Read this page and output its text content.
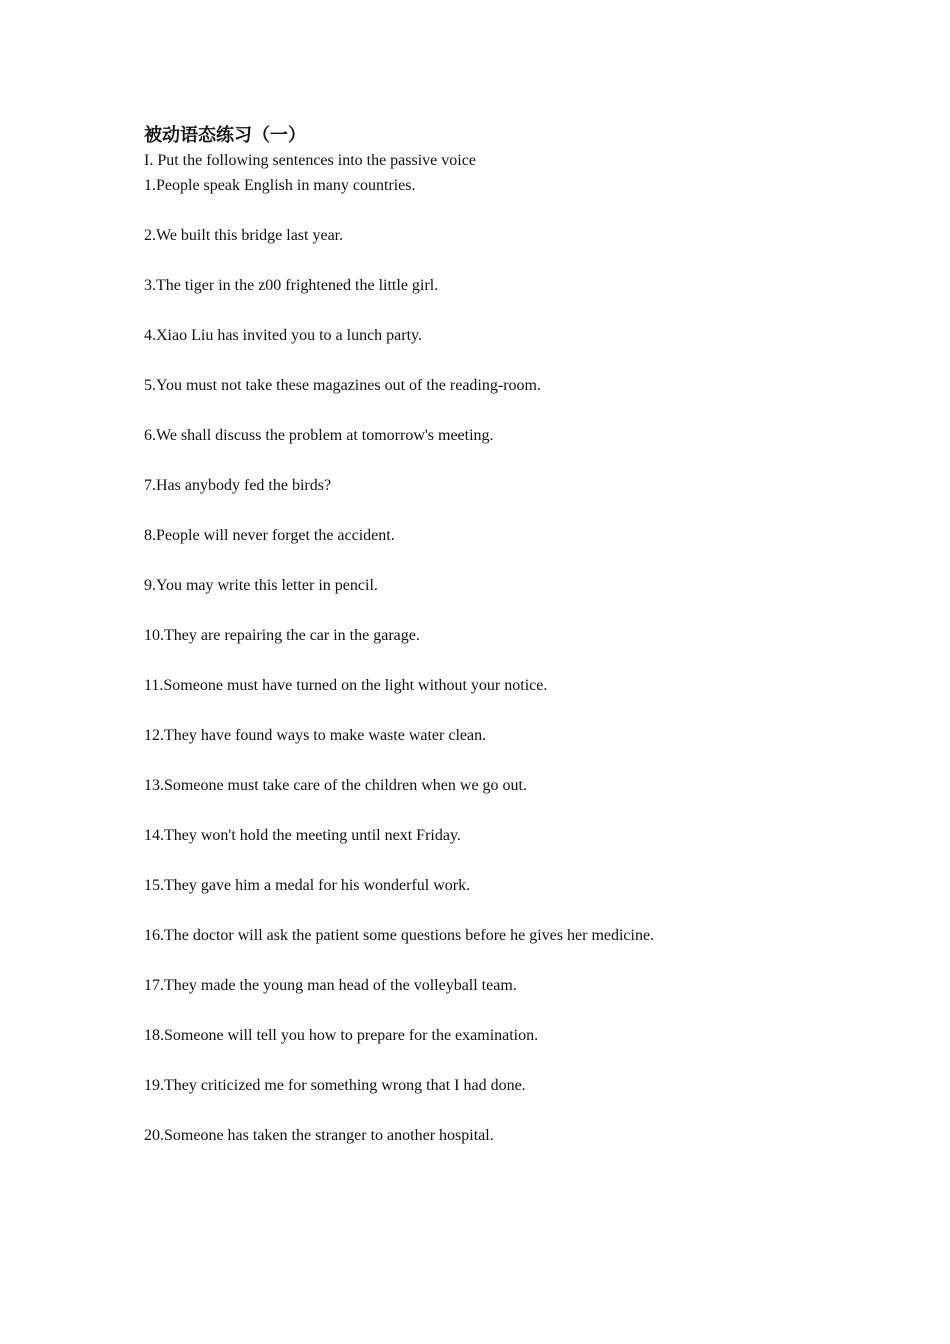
被动语态练习（一）

I. Put the following sentences into the passive voice

1.People speak English in many countries.

2.We built this bridge last year.

3.The tiger in the z00 frightened the little girl.

4.Xiao Liu has invited you to a lunch party.

5.You must not take these magazines out of the reading-room.

6.We shall discuss the problem at tomorrow's meeting.

7.Has anybody fed the birds?

8.People will never forget the accident.

9.You may write this letter in pencil.

10.They are repairing the car in the garage.

11.Someone must have turned on the light without your notice.

12.They have found ways to make waste water clean.

13.Someone must take care of the children when we go out.

14.They won't hold the meeting until next Friday.

15.They gave him a medal for his wonderful work.

16.The doctor will ask the patient some questions before he gives her medicine.

17.They made the young man head of the volleyball team.

18.Someone will tell you how to prepare for the examination.

19.They criticized me for something wrong that I had done.

20.Someone has taken the stranger to another hospital.
